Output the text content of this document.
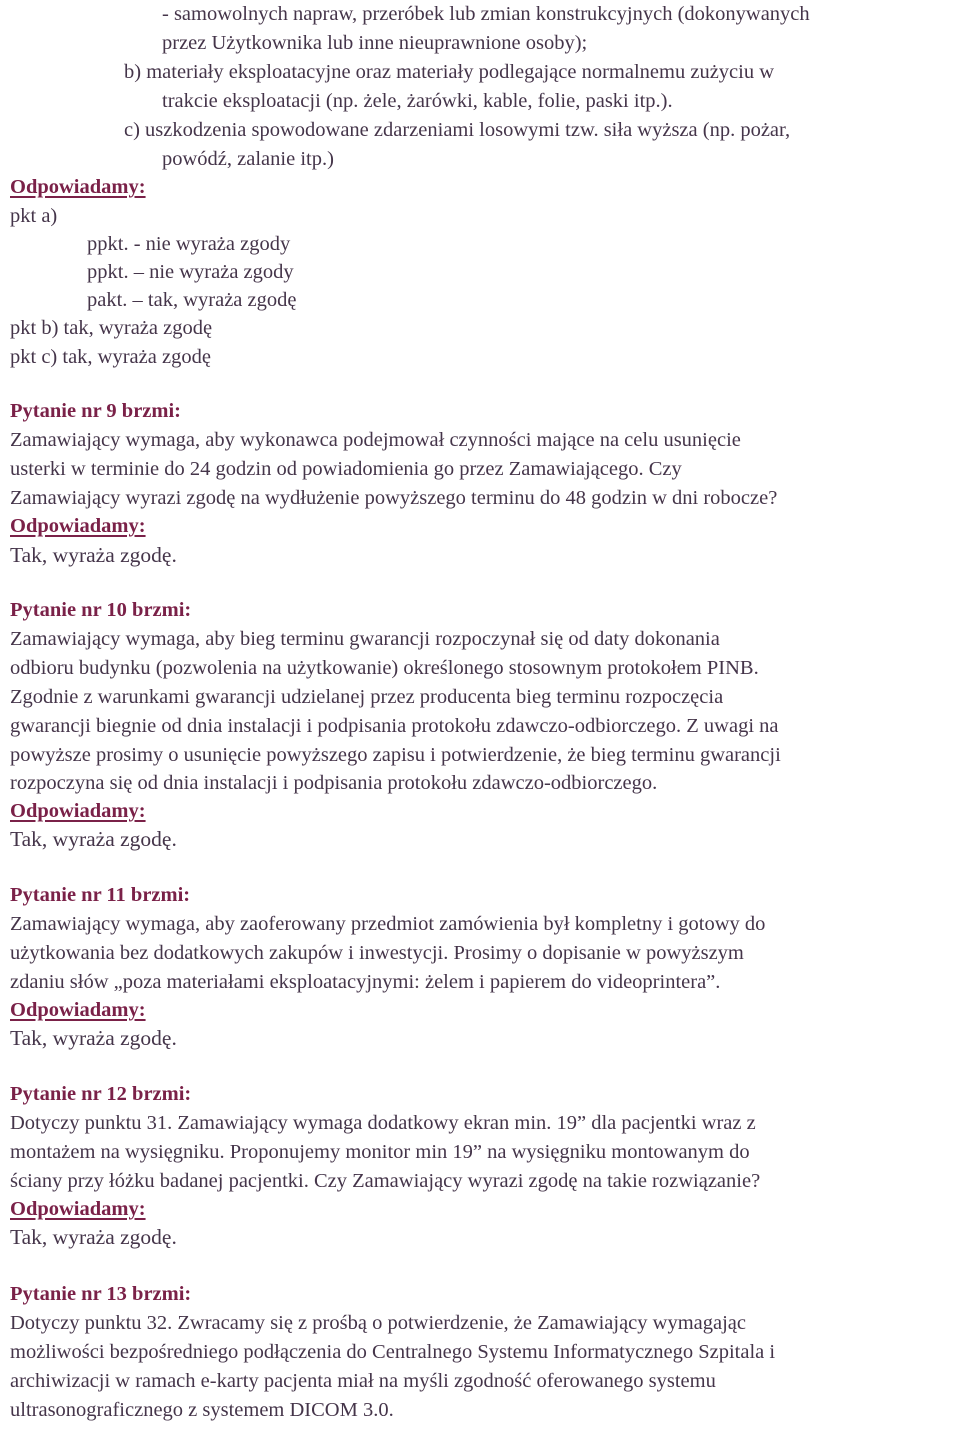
- samowolnych napraw, przeróbek lub zmian konstrukcyjnych (dokonywanych

przez Użytkownika lub inne nieuprawnione osoby);

b) materiały eksploatacyjne oraz materiały podlegające normalnemu zużyciu w

trakcie eksploatacji (np. żele, żarówki, kable, folie, paski itp.).

c) uszkodzenia spowodowane zdarzeniami losowymi tzw. siła wyższa (np. pożar,

powódź, zalanie itp.)

Odpowiadamy:

pkt a)

ppkt. - nie wyraża zgody

ppkt. – nie wyraża zgody

pakt. – tak, wyraża zgodę

pkt b) tak, wyraża zgodę

pkt c) tak, wyraża zgodę

Pytanie nr 9 brzmi:

Zamawiający wymaga, aby wykonawca podejmował czynności mające na celu usunięcie

usterki w terminie do 24 godzin od powiadomienia go przez Zamawiającego. Czy

Zamawiający wyrazi zgodę na wydłużenie powyższego terminu do 48 godzin w dni robocze?

Odpowiadamy:

Tak, wyraża zgodę.

Pytanie nr 10 brzmi:

Zamawiający wymaga, aby bieg terminu gwarancji rozpoczynał się od daty dokonania

odbioru budynku (pozwolenia na użytkowanie) określonego stosownym protokołem PINB.

Zgodnie z warunkami gwarancji udzielanej przez producenta bieg terminu rozpoczęcia

gwarancji biegnie od dnia instalacji i podpisania protokołu zdawczo-odbiorczego. Z uwagi na

powyższe prosimy o usunięcie powyższego zapisu i potwierdzenie, że bieg terminu gwarancji

rozpoczyna się od dnia instalacji i podpisania protokołu zdawczo-odbiorczego.

Odpowiadamy:

Tak, wyraża zgodę.

Pytanie nr 11 brzmi:

Zamawiający wymaga, aby zaoferowany przedmiot zamówienia był kompletny i gotowy do

użytkowania bez dodatkowych zakupów i inwestycji. Prosimy o dopisanie w powyższym

zdaniu słów „poza materiałami eksploatacyjnymi: żelem i papierem do videoprintera”.

Odpowiadamy:

Tak, wyraża zgodę.

Pytanie nr 12 brzmi:

Dotyczy punktu 31. Zamawiający wymaga dodatkowy ekran min. 19” dla pacjentki wraz z

montażem na wysięgniku. Proponujemy monitor min 19” na wysięgniku montowanym do

ściany przy łóżku badanej pacjentki. Czy Zamawiający wyrazi zgodę na takie rozwiązanie?

Odpowiadamy:

Tak, wyraża zgodę.

Pytanie nr 13 brzmi:

Dotyczy punktu 32. Zwracamy się z prośbą o potwierdzenie, że Zamawiający wymagając

możliwości bezpośredniego podłączenia do Centralnego Systemu Informatycznego Szpitala i

archiwizacji w ramach e-karty pacjenta miał na myśli zgodność oferowanego systemu

ultrasonograficznego z systemem DICOM 3.0.
